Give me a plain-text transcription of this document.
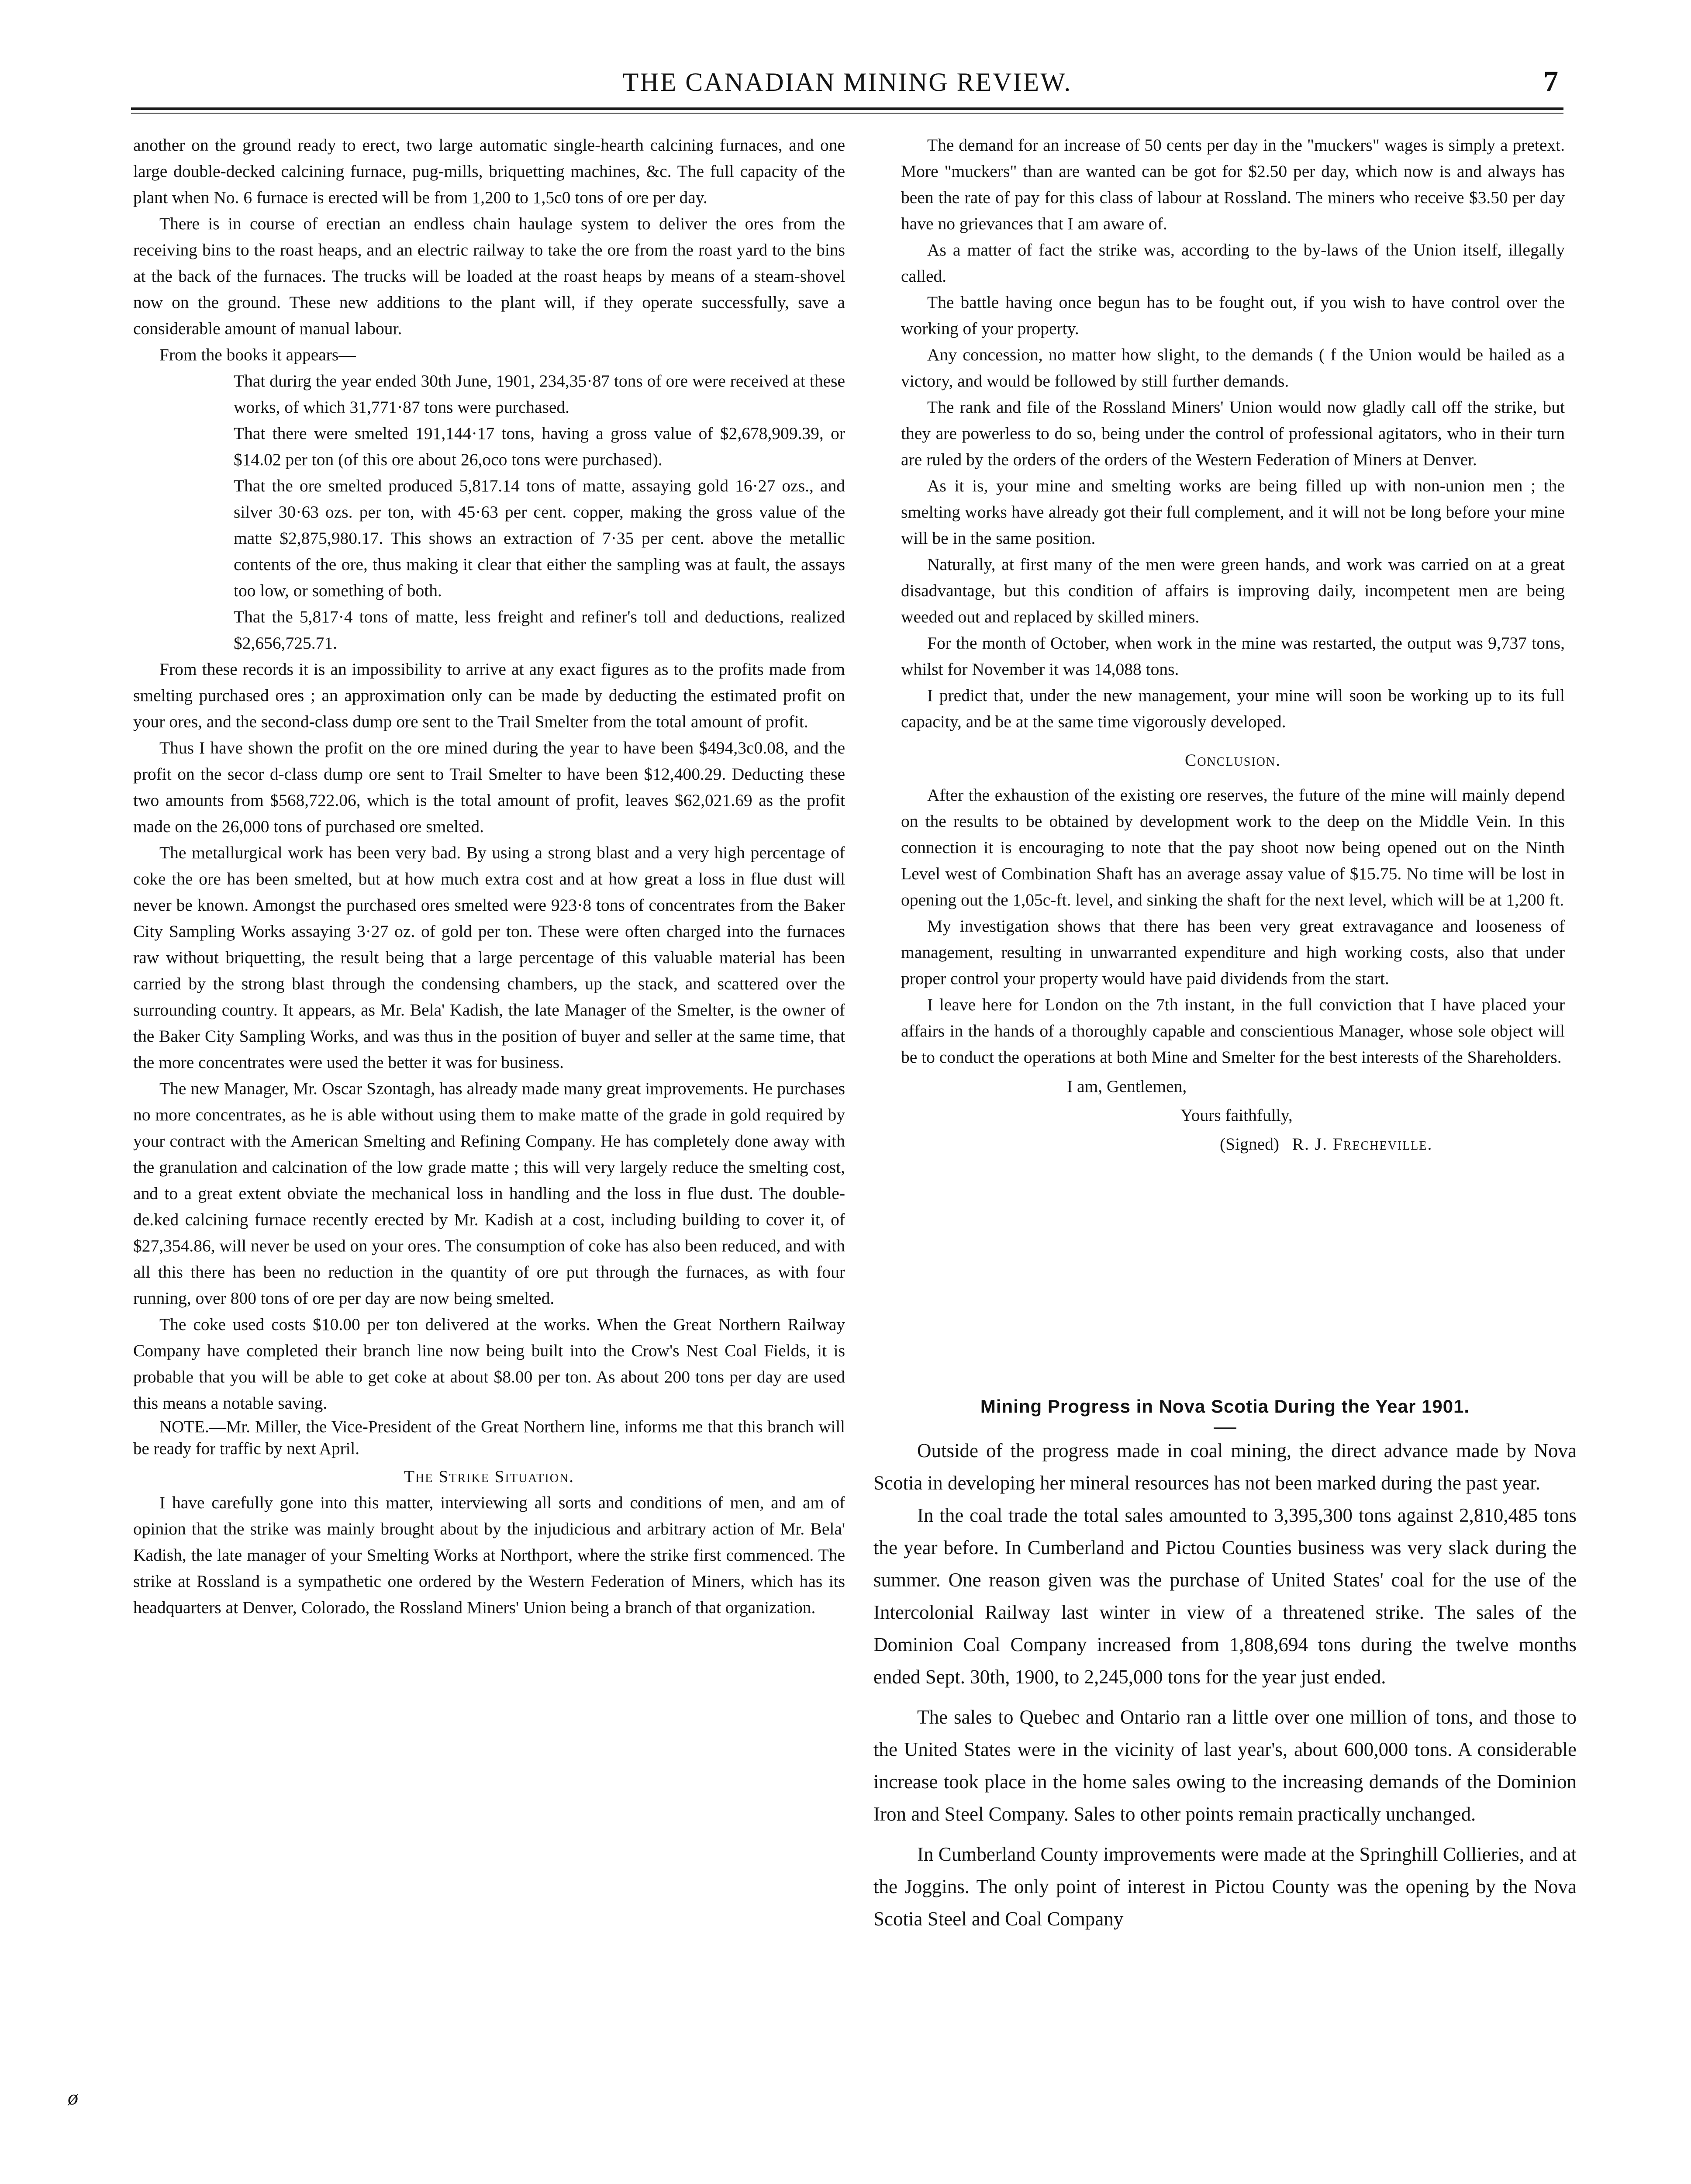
THE CANADIAN MINING REVIEW.	7

another on the ground ready to erect, two large automatic single-hearth calcining furnaces, and one large double-decked calcining furnace, pug-mills, briquetting machines, &c. The full capacity of the plant when No. 6 furnace is erected will be from 1,200 to 1,5c0 tons of ore per day.

There is in course of erectian an endless chain haulage system to deliver the ores from the receiving bins to the roast heaps, and an electric railway to take the ore from the roast yard to the bins at the back of the furnaces. The trucks will be loaded at the roast heaps by means of a steam-shovel now on the ground. These new additions to the plant will, if they operate successfully, save a considerable amount of manual labour.

From the books it appears—

That durirg the year ended 30th June, 1901, 234,35·87 tons of ore were received at these works, of which 31,771·87 tons were purchased.

That there were smelted 191,144·17 tons, having a gross value of $2,678,909.39, or $14.02 per ton (of this ore about 26,oco tons were purchased).

That the ore smelted produced 5,817.14 tons of matte, assaying gold 16·27 ozs., and silver 30·63 ozs. per ton, with 45·63 per cent. copper, making the gross value of the matte $2,875,980.17. This shows an extraction of 7·35 per cent. above the metallic contents of the ore, thus making it clear that either the sampling was at fault, the assays too low, or something of both.

That the 5,817·4 tons of matte, less freight and refiner's toll and deductions, realized $2,656,725.71.

From these records it is an impossibility to arrive at any exact figures as to the profits made from smelting purchased ores ; an approximation only can be made by deducting the estimated profit on your ores, and the second-class dump ore sent to the Trail Smelter from the total amount of profit.

Thus I have shown the profit on the ore mined during the year to have been $494,3c0.08, and the profit on the secor d-class dump ore sent to Trail Smelter to have been $12,400.29. Deducting these two amounts from $568,722.06, which is the total amount of profit, leaves $62,021.69 as the profit made on the 26,000 tons of purchased ore smelted.

The metallurgical work has been very bad. By using a strong blast and a very high percentage of coke the ore has been smelted, but at how much extra cost and at how great a loss in flue dust will never be known. Amongst the purchased ores smelted were 923·8 tons of concentrates from the Baker City Sampling Works assaying 3·27 oz. of gold per ton. These were often charged into the furnaces raw without briquetting, the result being that a large percentage of this valuable material has been carried by the strong blast through the condensing chambers, up the stack, and scattered over the surrounding country. It appears, as Mr. Bela' Kadish, the late Manager of the Smelter, is the owner of the Baker City Sampling Works, and was thus in the position of buyer and seller at the same time, that the more concentrates were used the better it was for business.

The new Manager, Mr. Oscar Szontagh, has already made many great improvements. He purchases no more concentrates, as he is able without using them to make matte of the grade in gold required by your contract with the American Smelting and Refining Company. He has completely done away with the granulation and calcination of the low grade matte ; this will very largely reduce the smelting cost, and to a great extent obviate the mechanical loss in handling and the loss in flue dust. The double-de.ked calcining furnace recently erected by Mr. Kadish at a cost, including building to cover it, of $27,354.86, will never be used on your ores. The consumption of coke has also been reduced, and with all this there has been no reduction in the quantity of ore put through the furnaces, as with four running, over 800 tons of ore per day are now being smelted.

The coke used costs $10.00 per ton delivered at the works. When the Great Northern Railway Company have completed their branch line now being built into the Crow's Nest Coal Fields, it is probable that you will be able to get coke at about $8.00 per ton. As about 200 tons per day are used this means a notable saving.

NOTE.—Mr. Miller, the Vice-President of the Great Northern line, informs me that this branch will be ready for traffic by next April.

The Strike Situation.

I have carefully gone into this matter, interviewing all sorts and conditions of men, and am of opinion that the strike was mainly brought about by the injudicious and arbitrary action of Mr. Bela' Kadish, the late manager of your Smelting Works at Northport, where the strike first commenced. The strike at Rossland is a sympathetic one ordered by the Western Federation of Miners, which has its headquarters at Denver, Colorado, the Rossland Miners' Union being a branch of that organization.

ø

The demand for an increase of 50 cents per day in the "muckers" wages is simply a pretext. More "muckers" than are wanted can be got for $2.50 per day, which now is and always has been the rate of pay for this class of labour at Rossland. The miners who receive $3.50 per day have no grievances that I am aware of.

As a matter of fact the strike was, according to the by-laws of the Union itself, illegally called.

The battle having once begun has to be fought out, if you wish to have control over the working of your property.

Any concession, no matter how slight, to the demands ( f the Union would be hailed as a victory, and would be followed by still further demands.

The rank and file of the Rossland Miners' Union would now gladly call off the strike, but they are powerless to do so, being under the control of professional agitators, who in their turn are ruled by the orders of the orders of the Western Federation of Miners at Denver.

As it is, your mine and smelting works are being filled up with non-union men ; the smelting works have already got their full complement, and it will not be long before your mine will be in the same position.

Naturally, at first many of the men were green hands, and work was carried on at a great disadvantage, but this condition of affairs is improving daily, incompetent men are being weeded out and replaced by skilled miners.

For the month of October, when work in the mine was restarted, the output was 9,737 tons, whilst for November it was 14,088 tons.

I predict that, under the new management, your mine will soon be working up to its full capacity, and be at the same time vigorously developed.

Conclusion.

After the exhaustion of the existing ore reserves, the future of the mine will mainly depend on the results to be obtained by development work to the deep on the Middle Vein. In this connection it is encouraging to note that the pay shoot now being opened out on the Ninth Level west of Combination Shaft has an average assay value of $15.75. No time will be lost in opening out the 1,05c-ft. level, and sinking the shaft for the next level, which will be at 1,200 ft.

My investigation shows that there has been very great extravagance and looseness of management, resulting in unwarranted expenditure and high working costs, also that under proper control your property would have paid dividends from the start.

I leave here for London on the 7th instant, in the full conviction that I have placed your affairs in the hands of a thoroughly capable and conscientious Manager, whose sole object will be to conduct the operations at both Mine and Smelter for the best interests of the Shareholders.

I am, Gentlemen,

Yours faithfully,

(Signed) R. J. Frecheville.

Mining Progress in Nova Scotia During the Year 1901.

Outside of the progress made in coal mining, the direct advance made by Nova Scotia in developing her mineral resources has not been marked during the past year.

In the coal trade the total sales amounted to 3,395,300 tons against 2,810,485 tons the year before. In Cumberland and Pictou Counties business was very slack during the summer. One reason given was the purchase of United States' coal for the use of the Intercolonial Railway last winter in view of a threatened strike. The sales of the Dominion Coal Company increased from 1,808,694 tons during the twelve months ended Sept. 30th, 1900, to 2,245,000 tons for the year just ended.

The sales to Quebec and Ontario ran a little over one million of tons, and those to the United States were in the vicinity of last year's, about 600,000 tons. A considerable increase took place in the home sales owing to the increasing demands of the Dominion Iron and Steel Company. Sales to other points remain practically unchanged.

In Cumberland County improvements were made at the Springhill Collieries, and at the Joggins. The only point of interest in Pictou County was the opening by the Nova Scotia Steel and Coal Company
